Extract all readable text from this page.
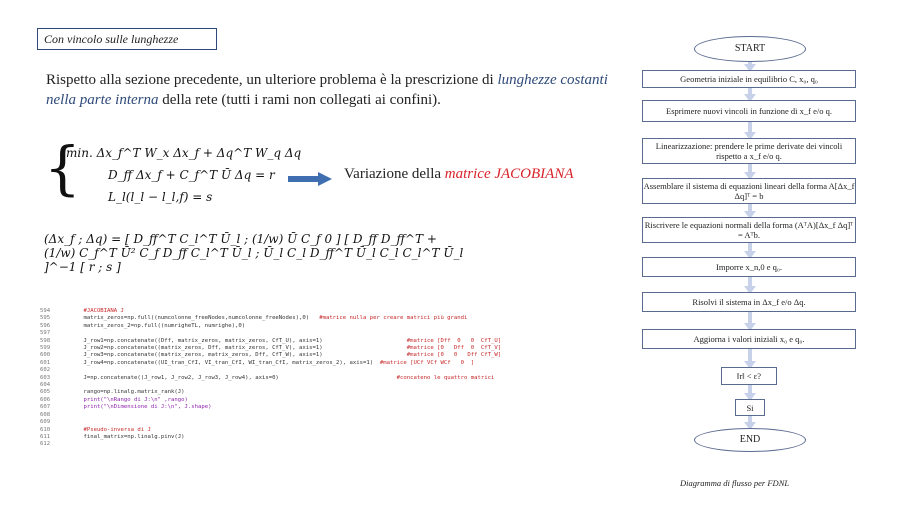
Con vincolo sulle lunghezze
Rispetto alla sezione precedente, un ulteriore problema è la prescrizione di lunghezze costanti nella parte interna della rete (tutti i rami non collegati ai confini).
{
min. Δx_f^T W_x Δx_f + Δq^T W_q Δq
D_ff Δx_f + C_f^T Ū Δq = r
L_l(l_l − l_l,f) = s
Variazione della matrice JACOBIANA
(Δx_f ; Δq) = [ D_ff^T C_l^T Ū_l ; (1/w) Ū C_f 0 ] [ D_ff D_ff^T + (1/w) C_f^T Ū² C_f D_ff C_l^T Ū_l ; Ū_l C_l D_ff^T Ū_l C_l C_l^T Ū_l ]^−1 [ r ; s ]
594	#JACOBIANA J
595	matrix_zeros=np.full((numcolonne_freeNodes,numcolonne_freeNodes),0)   #matrice nulla per creare matrici più grandi
596	matrix_zeros_2=np.full((numrigheTL, numrighe),0)
597
598	J_row1=np.concatenate((Dff, matrix_zeros, matrix_zeros, CfT_U), axis=1)                         #matrice [Dff  0   0  CfT_U]
599	J_row2=np.concatenate((matrix_zeros, Dff, matrix_zeros, CfT_V), axis=1)                         #matrice [0   Dff  0  CfT_V]
600	J_row3=np.concatenate((matrix_zeros, matrix_zeros, Dff, CfT_W), axis=1)                         #matrice [0   0   Dff CfT_W]
601	J_row4=np.concatenate((UI_tran_CfI, VI_tran_CfI, WI_tran_CfI, matrix_zeros_2), axis=1)  #matrice [UCf VCf WCf   0  ]
602
603	J=np.concatenate((J_row1, J_row2, J_row3, J_row4), axis=0)                                   #concateno le quattro matrici
604
605	rango=np.linalg.matrix_rank(J)
606	print("\nRango di J:\n" ,rango)
607	print("\nDimensione di J:\n", J.shape)
608
609
610	#Pseudo-inversa di J
611	final_matrix=np.linalg.pinv(J)
612
START
Geometria iniziale in equilibrio C, x₀, q₀
Esprimere nuovi vincoli in funzione di x_f e/o q.
Linearizzazione: prendere le prime derivate dei vincoli rispetto a x_f e/o q.
Assemblare il sistema di equazioni lineari della forma A[Δx_f Δq]ᵀ = b
Riscrivere le equazioni normali della forma (AᵀA)[Δx_f Δq]ᵀ = Aᵀb.
Imporre x_n,0 e q₀.
Risolvi il sistema in Δx_f e/o Δq.
Aggiorna i valori iniziali x₀ e q₀.
‖r‖ < ε?
Si
END
Diagramma di flusso per FDNL
